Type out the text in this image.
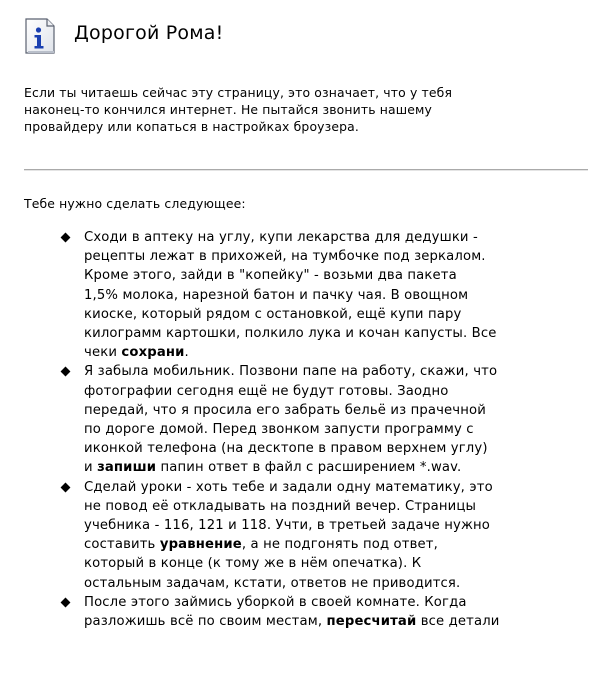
Дорогой Рома!

Если ты читаешь сейчас эту страницу, это означает, что у тебя
наконец-то кончился интернет. Не пытайся звонить нашему
провайдеру или копаться в настройках броузера.

Тебе нужно сделать следующее:

Сходи в аптеку на углу, купи лекарства для дедушки -
рецепты лежат в прихожей, на тумбочке под зеркалом.
Кроме этого, зайди в "копейку" - возьми два пакета
1,5% молока, нарезной батон и пачку чая. В овощном
киоске, который рядом с остановкой, ещё купи пару
килограмм картошки, полкило лука и кочан капусты. Все
чеки сохрани.
Я забыла мобильник. Позвони папе на работу, скажи, что
фотографии сегодня ещё не будут готовы. Заодно
передай, что я просила его забрать бельё из прачечной
по дороге домой. Перед звонком запусти программу с
иконкой телефона (на десктопе в правом верхнем углу)
и запиши папин ответ в файл с расширением *.wav.
Сделай уроки - хоть тебе и задали одну математику, это
не повод её откладывать на поздний вечер. Страницы
учебника - 116, 121 и 118. Учти, в третьей задаче нужно
составить уравнение, а не подгонять под ответ,
который в конце (к тому же в нём опечатка). К
остальным задачам, кстати, ответов не приводится.
После этого займись уборкой в своей комнате. Когда
разложишь всё по своим местам, пересчитай все детали
